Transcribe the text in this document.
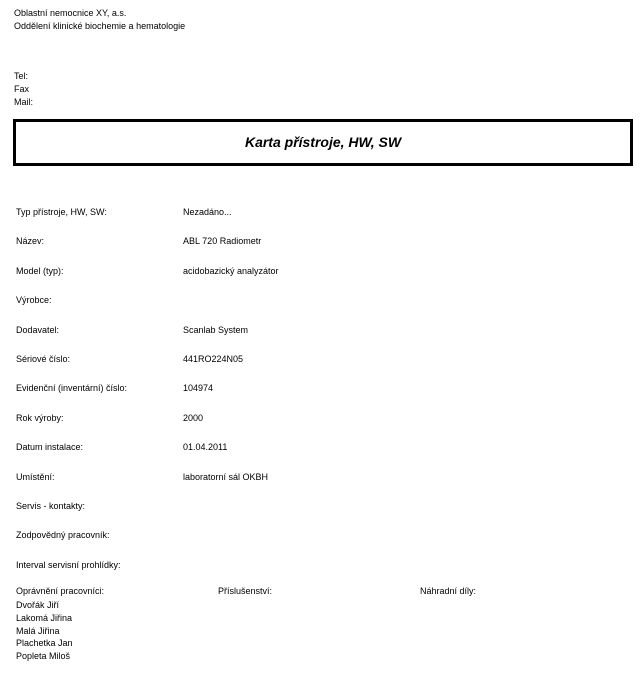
Oblastní nemocnice XY, a.s.
Oddělení klinické biochemie a hematologie
Tel:
Fax
Mail:
Karta přístroje, HW, SW
Typ přístroje, HW, SW:	Nezadáno...
Název:	ABL 720 Radiometr
Model (typ):	acidobazický analyzátor
Výrobce:
Dodavatel:	Scanlab System
Sériové číslo:	441RO224N05
Evidenční (inventární) číslo:	104974
Rok výroby:	2000
Datum instalace:	01.04.2011
Umístění:	laboratorní sál OKBH
Servis - kontakty:
Zodpovědný pracovník:
Interval servisní prohlídky:
Oprávnění pracovníci:	Příslušenství:	Náhradní díly:
Dvořák Jiří
Lakomá Jiřina
Malá Jiřina
Plachetka Jan
Popleta Miloš
